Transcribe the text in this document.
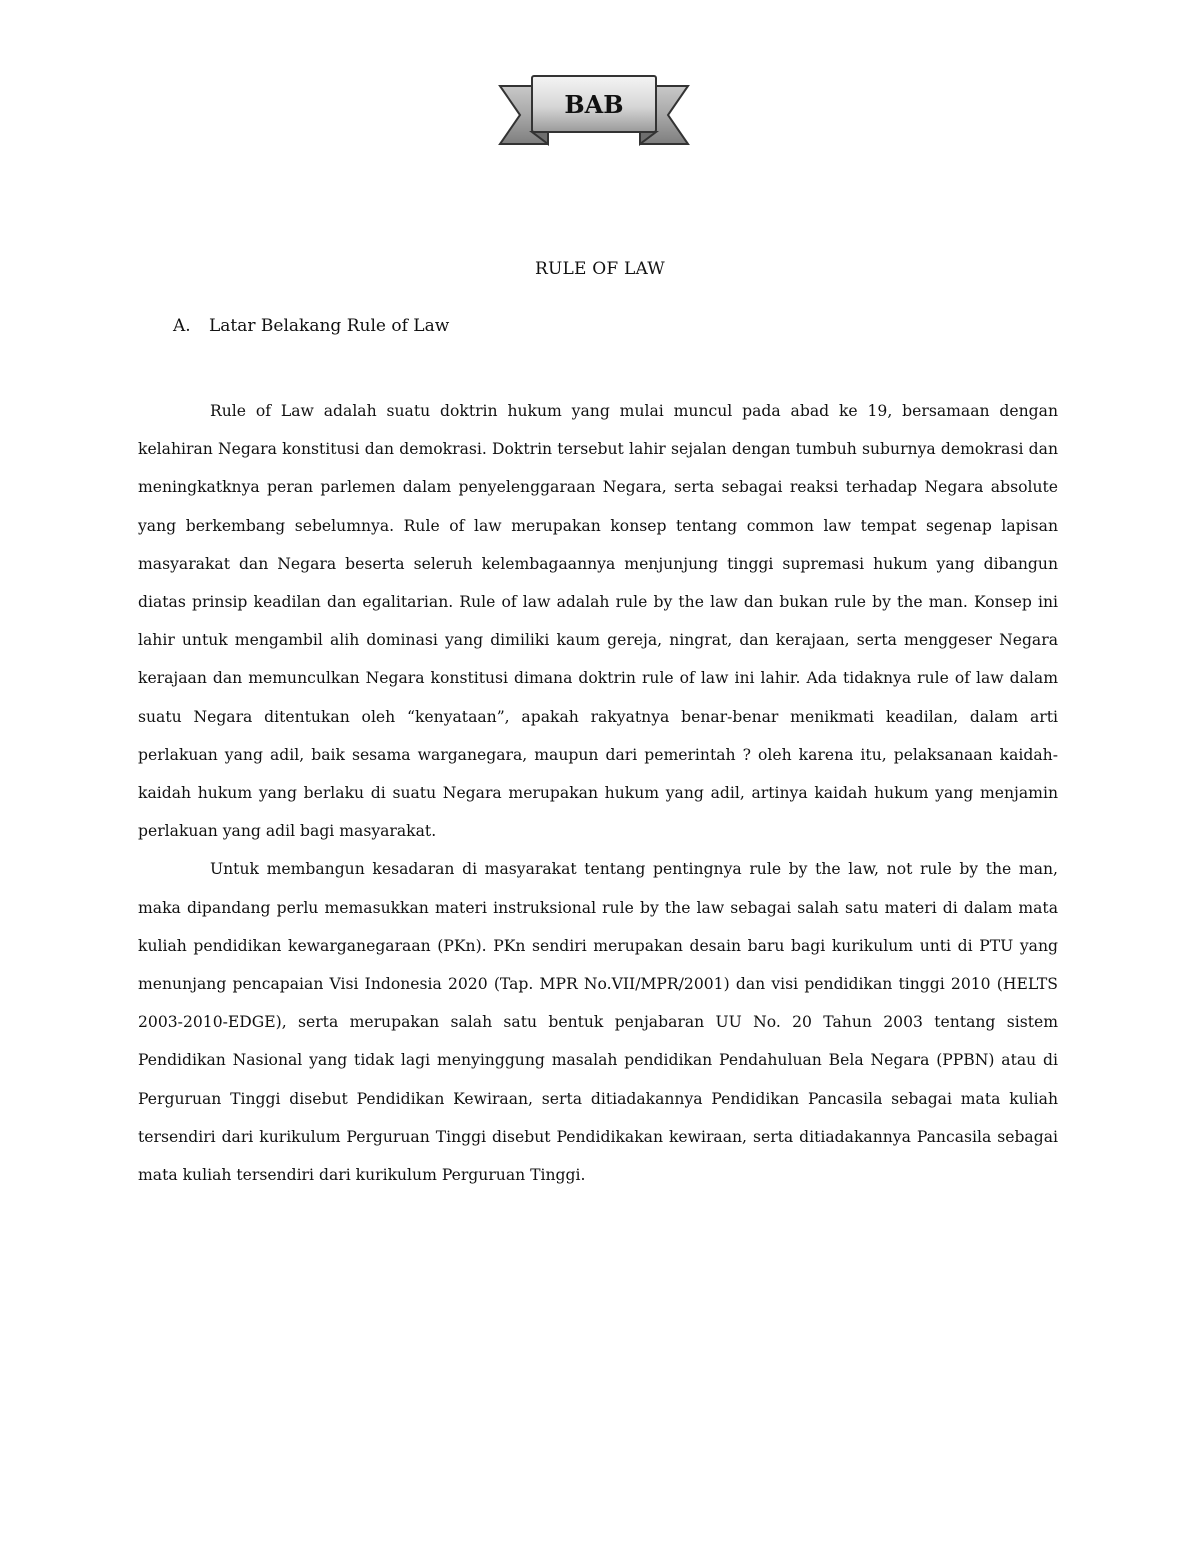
BAB
RULE OF LAW
A.	Latar Belakang Rule of Law

Rule of Law adalah suatu doktrin hukum yang mulai muncul pada abad ke 19, bersamaan dengan kelahiran Negara konstitusi dan demokrasi. Doktrin tersebut lahir sejalan dengan tumbuh suburnya demokrasi dan meningkatknya peran parlemen dalam penyelenggaraan Negara, serta sebagai reaksi terhadap Negara absolute yang berkembang sebelumnya. Rule of law merupakan konsep tentang common law tempat segenap lapisan masyarakat dan Negara beserta seleruh kelembagaannya menjunjung tinggi supremasi hukum yang dibangun diatas prinsip keadilan dan egalitarian. Rule of law adalah rule by the law dan bukan rule by the man. Konsep ini lahir untuk mengambil alih dominasi yang dimiliki kaum gereja, ningrat, dan kerajaan, serta menggeser Negara kerajaan dan memunculkan Negara konstitusi dimana doktrin rule of law ini lahir. Ada tidaknya rule of law dalam suatu Negara ditentukan oleh “kenyataan”, apakah rakyatnya benar-benar menikmati keadilan, dalam arti perlakuan yang adil, baik sesama warganegara, maupun dari pemerintah ? oleh karena itu, pelaksanaan kaidah-kaidah hukum yang berlaku di suatu Negara merupakan hukum yang adil, artinya kaidah hukum yang menjamin perlakuan yang adil bagi masyarakat.

Untuk membangun kesadaran di masyarakat tentang pentingnya rule by the law, not rule by the man, maka dipandang perlu memasukkan materi instruksional rule by the law sebagai salah satu materi di dalam mata kuliah pendidikan kewarganegaraan (PKn). PKn sendiri merupakan desain baru bagi kurikulum unti di PTU yang menunjang pencapaian Visi Indonesia 2020 (Tap. MPR No.VII/MPR/2001) dan visi pendidikan tinggi 2010 (HELTS 2003-2010-EDGE), serta merupakan salah satu bentuk penjabaran UU No. 20 Tahun 2003 tentang sistem Pendidikan Nasional yang tidak lagi menyinggung masalah pendidikan Pendahuluan Bela Negara (PPBN) atau di Perguruan Tinggi disebut Pendidikan Kewiraan, serta ditiadakannya Pendidikan Pancasila sebagai mata kuliah tersendiri dari kurikulum Perguruan Tinggi disebut Pendidikakan kewiraan, serta ditiadakannya Pancasila sebagai mata kuliah tersendiri dari kurikulum Perguruan Tinggi.
